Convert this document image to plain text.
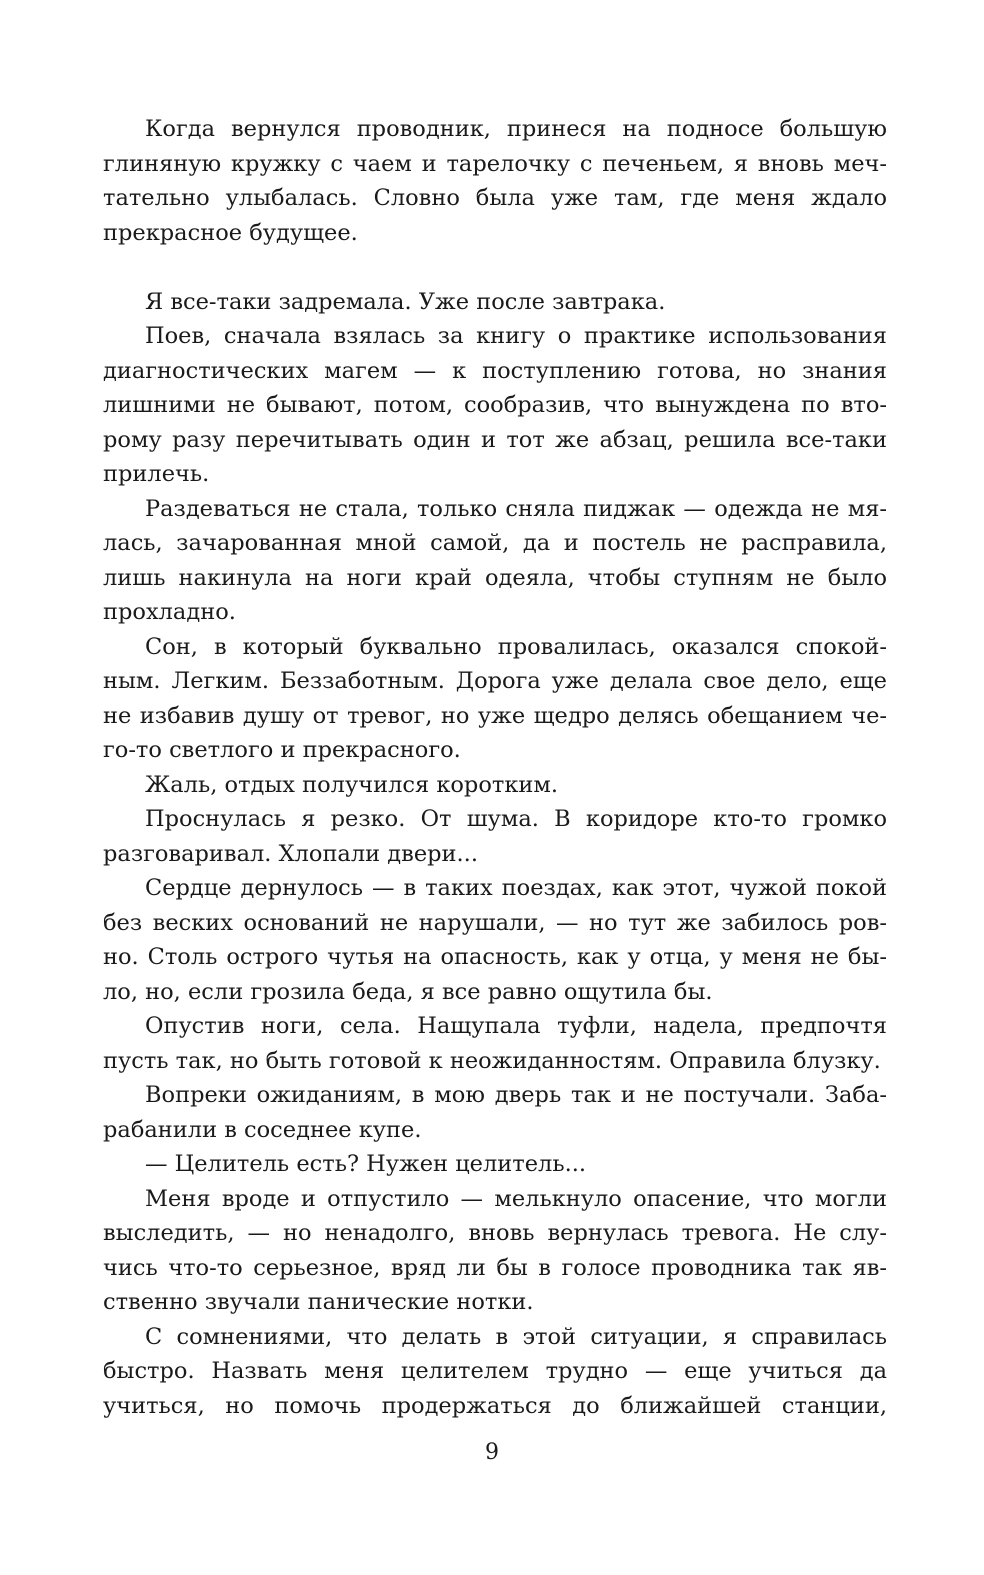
Когда вернулся проводник, принеся на подносе большую
глиняную кружку с чаем и тарелочку с печеньем, я вновь меч-
тательно улыбалась. Словно была уже там, где меня ждало
прекрасное будущее.
Я все-таки задремала. Уже после завтрака.
Поев, сначала взялась за книгу о практике использования
диагностических магем — к поступлению готова, но знания
лишними не бывают, потом, сообразив, что вынуждена по вто-
рому разу перечитывать один и тот же абзац, решила все-таки
прилечь.
Раздеваться не стала, только сняла пиджак — одежда не мя-
лась, зачарованная мной самой, да и постель не расправила,
лишь накинула на ноги край одеяла, чтобы ступням не было
прохладно.
Сон, в который буквально провалилась, оказался спокой-
ным. Легким. Беззаботным. Дорога уже делала свое дело, еще
не избавив душу от тревог, но уже щедро делясь обещанием че-
го-то светлого и прекрасного.
Жаль, отдых получился коротким.
Проснулась я резко. От шума. В коридоре кто-то громко
разговаривал. Хлопали двери...
Сердце дернулось — в таких поездах, как этот, чужой покой
без веских оснований не нарушали, — но тут же забилось ров-
но. Столь острого чутья на опасность, как у отца, у меня не бы-
ло, но, если грозила беда, я все равно ощутила бы.
Опустив ноги, села. Нащупала туфли, надела, предпочтя
пусть так, но быть готовой к неожиданностям. Оправила блузку.
Вопреки ожиданиям, в мою дверь так и не постучали. Заба-
рабанили в соседнее купе.
— Целитель есть? Нужен целитель...
Меня вроде и отпустило — мелькнуло опасение, что могли
выследить, — но ненадолго, вновь вернулась тревога. Не слу-
чись что-то серьезное, вряд ли бы в голосе проводника так яв-
ственно звучали панические нотки.
С сомнениями, что делать в этой ситуации, я справилась
быстро. Назвать меня целителем трудно — еще учиться да
учиться, но помочь продержаться до ближайшей станции,
9
